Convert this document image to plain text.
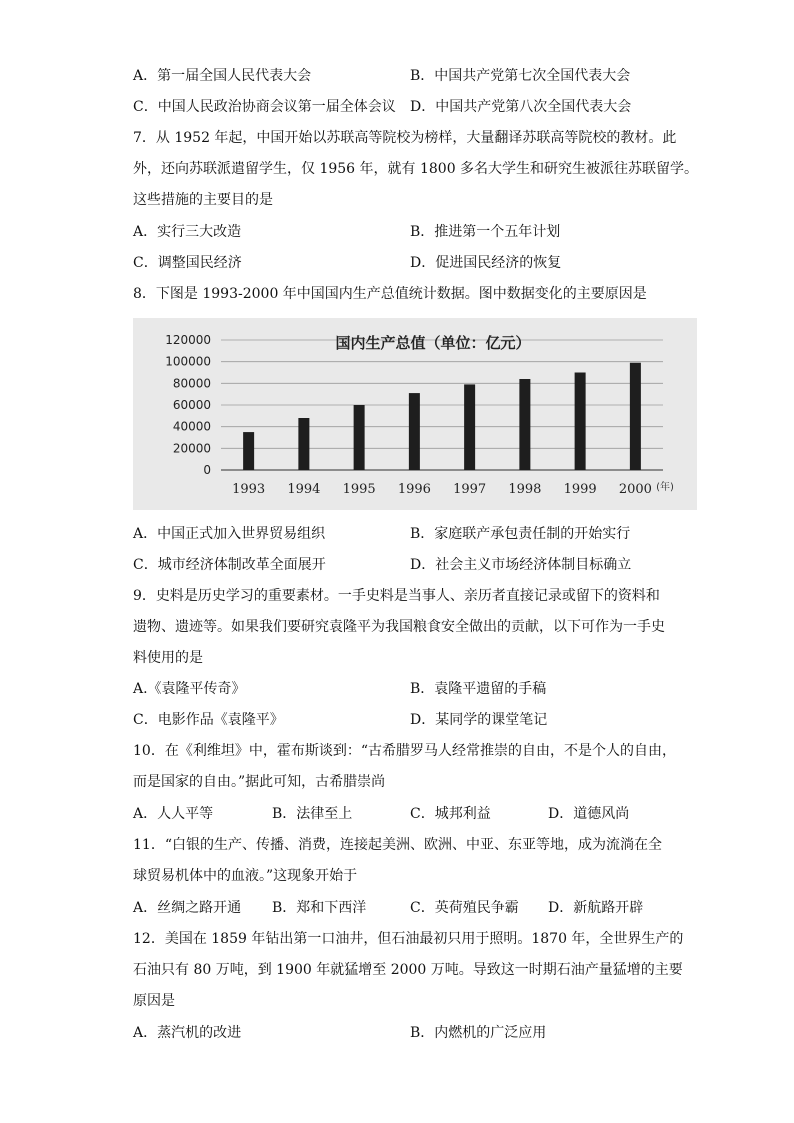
A．第一届全国人民代表大会	B．中国共产党第七次全国代表大会
C．中国人民政治协商会议第一届全体会议 D．中国共产党第八次全国代表大会
7．从 1952 年起，中国开始以苏联高等院校为榜样，大量翻译苏联高等院校的教材。此
外，还向苏联派遣留学生，仅 1956 年，就有 1800 多名大学生和研究生被派往苏联留学。
这些措施的主要目的是
A．实行三大改造	B．推进第一个五年计划
C．调整国民经济	D．促进国民经济的恢复
8．下图是 1993-2000 年中国国内生产总值统计数据。图中数据变化的主要原因是
0
20000
40000
60000
80000
100000
120000
1993 1994 1995 1996 1997 1998 1999 2000
国内生产总值（单位：亿元）
(年)
A．中国正式加入世界贸易组织	B．家庭联产承包责任制的开始实行
C．城市经济体制改革全面展开	D．社会主义市场经济体制目标确立
9．史料是历史学习的重要素材。一手史料是当事人、亲历者直接记录或留下的资料和
遗物、遗迹等。如果我们要研究袁隆平为我国粮食安全做出的贡献，以下可作为一手史
料使用的是
A.《袁隆平传奇》	B．袁隆平遗留的手稿
C．电影作品《袁隆平》	D．某同学的课堂笔记
10．在《利维坦》中，霍布斯谈到：“古希腊罗马人经常推崇的自由，不是个人的自由，
而是国家的自由。”据此可知，古希腊崇尚
A．人人平等	B．法律至上	C．城邦利益	D．道德风尚
11．“白银的生产、传播、消费，连接起美洲、欧洲、中亚、东亚等地，成为流淌在全
球贸易机体中的血液。”这现象开始于
A．丝绸之路开通 B．郑和下西洋	C．英荷殖民争霸 D．新航路开辟
12．美国在 1859 年钻出第一口油井，但石油最初只用于照明。1870 年，全世界生产的
石油只有 80 万吨，到 1900 年就猛增至 2000 万吨。导致这一时期石油产量猛增的主要
原因是
A．蒸汽机的改进	B．内燃机的广泛应用
